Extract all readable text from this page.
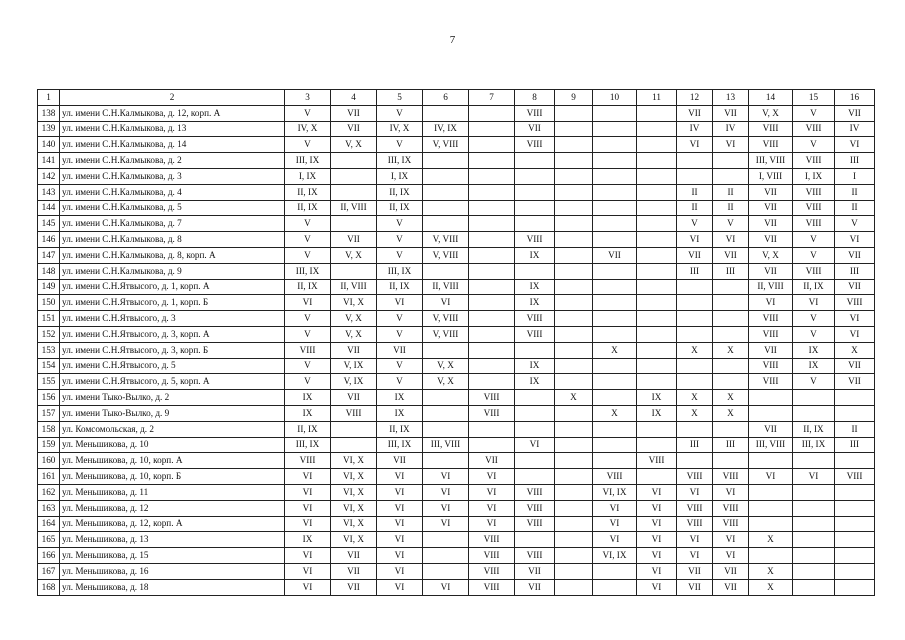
7
1	2	3	4	5	6	7	8	9	10	11	12	13	14	15	16
138	ул. имени С.Н.Калмыкова, д. 12, корп. А	V	VII	V			VIII				VII	VII	V, X	V	VII
139	ул. имени С.Н.Калмыкова, д. 13	IV, X	VII	IV, X	IV, IX		VII				IV	IV	VIII	VIII	IV
140	ул. имени С.Н.Калмыкова, д. 14	V	V, X	V	V, VIII		VIII				VI	VI	VIII	V	VI
141	ул. имени С.Н.Калмыкова, д. 2	III, IX		III, IX									III, VIII	VIII	III
142	ул. имени С.Н.Калмыкова, д. 3	I, IX		I, IX									I, VIII	I, IX	I
143	ул. имени С.Н.Калмыкова, д. 4	II, IX		II, IX							II	II	VII	VIII	II
144	ул. имени С.Н.Калмыкова, д. 5	II, IX	II, VIII	II, IX							II	II	VII	VIII	II
145	ул. имени С.Н.Калмыкова, д. 7	V		V							V	V	VII	VIII	V
146	ул. имени С.Н.Калмыкова, д. 8	V	VII	V	V, VIII		VIII				VI	VI	VII	V	VI
147	ул. имени С.Н.Калмыкова, д. 8, корп. А	V	V, X	V	V, VIII		IX		VII		VII	VII	V, X	V	VII
148	ул. имени С.Н.Калмыкова, д. 9	III, IX		III, IX							III	III	VII	VIII	III
149	ул. имени С.Н.Ятвысого, д. 1, корп. А	II, IX	II, VIII	II, IX	II, VIII		IX						II, VIII	II, IX	VII
150	ул. имени С.Н.Ятвысого, д. 1, корп. Б	VI	VI, X	VI	VI		IX						VI	VI	VIII
151	ул. имени С.Н.Ятвысого, д. 3	V	V, X	V	V, VIII		VIII						VIII	V	VI
152	ул. имени С.Н.Ятвысого, д. 3, корп. А	V	V, X	V	V, VIII		VIII						VIII	V	VI
153	ул. имени С.Н.Ятвысого, д. 3, корп. Б	VIII	VII	VII					X		X	X	VII	IX	X
154	ул. имени С.Н.Ятвысого, д. 5	V	V, IX	V	V, X		IX						VIII	IX	VII
155	ул. имени С.Н.Ятвысого, д. 5, корп. А	V	V, IX	V	V, X		IX						VIII	V	VII
156	ул. имени Тыко-Вылко, д. 2	IX	VII	IX		VIII		X		IX	X	X			
157	ул. имени Тыко-Вылко, д. 9	IX	VIII	IX		VIII			X	IX	X	X			
158	ул. Комсомольская, д. 2	II, IX		II, IX									VII	II, IX	II
159	ул. Меньшикова, д. 10	III, IX		III, IX	III, VIII		VI				III	III	III, VIII	III, IX	III
160	ул. Меньшикова, д. 10, корп. А	VIII	VI, X	VII		VII				VIII					
161	ул. Меньшикова, д. 10, корп. Б	VI	VI, X	VI	VI	VI			VIII		VIII	VIII	VI	VI	VIII
162	ул. Меньшикова, д. 11	VI	VI, X	VI	VI	VI	VIII		VI, IX	VI	VI	VI			
163	ул. Меньшикова, д. 12	VI	VI, X	VI	VI	VI	VIII		VI	VI	VIII	VIII			
164	ул. Меньшикова, д. 12, корп. А	VI	VI, X	VI	VI	VI	VIII		VI	VI	VIII	VIII			
165	ул. Меньшикова, д. 13	IX	VI, X	VI		VIII			VI	VI	VI	VI	X		
166	ул. Меньшикова, д. 15	VI	VII	VI		VIII	VIII		VI, IX	VI	VI	VI			
167	ул. Меньшикова, д. 16	VI	VII	VI		VIII	VII			VI	VII	VII	X		
168	ул. Меньшикова, д. 18	VI	VII	VI	VI	VIII	VII			VI	VII	VII	X		
